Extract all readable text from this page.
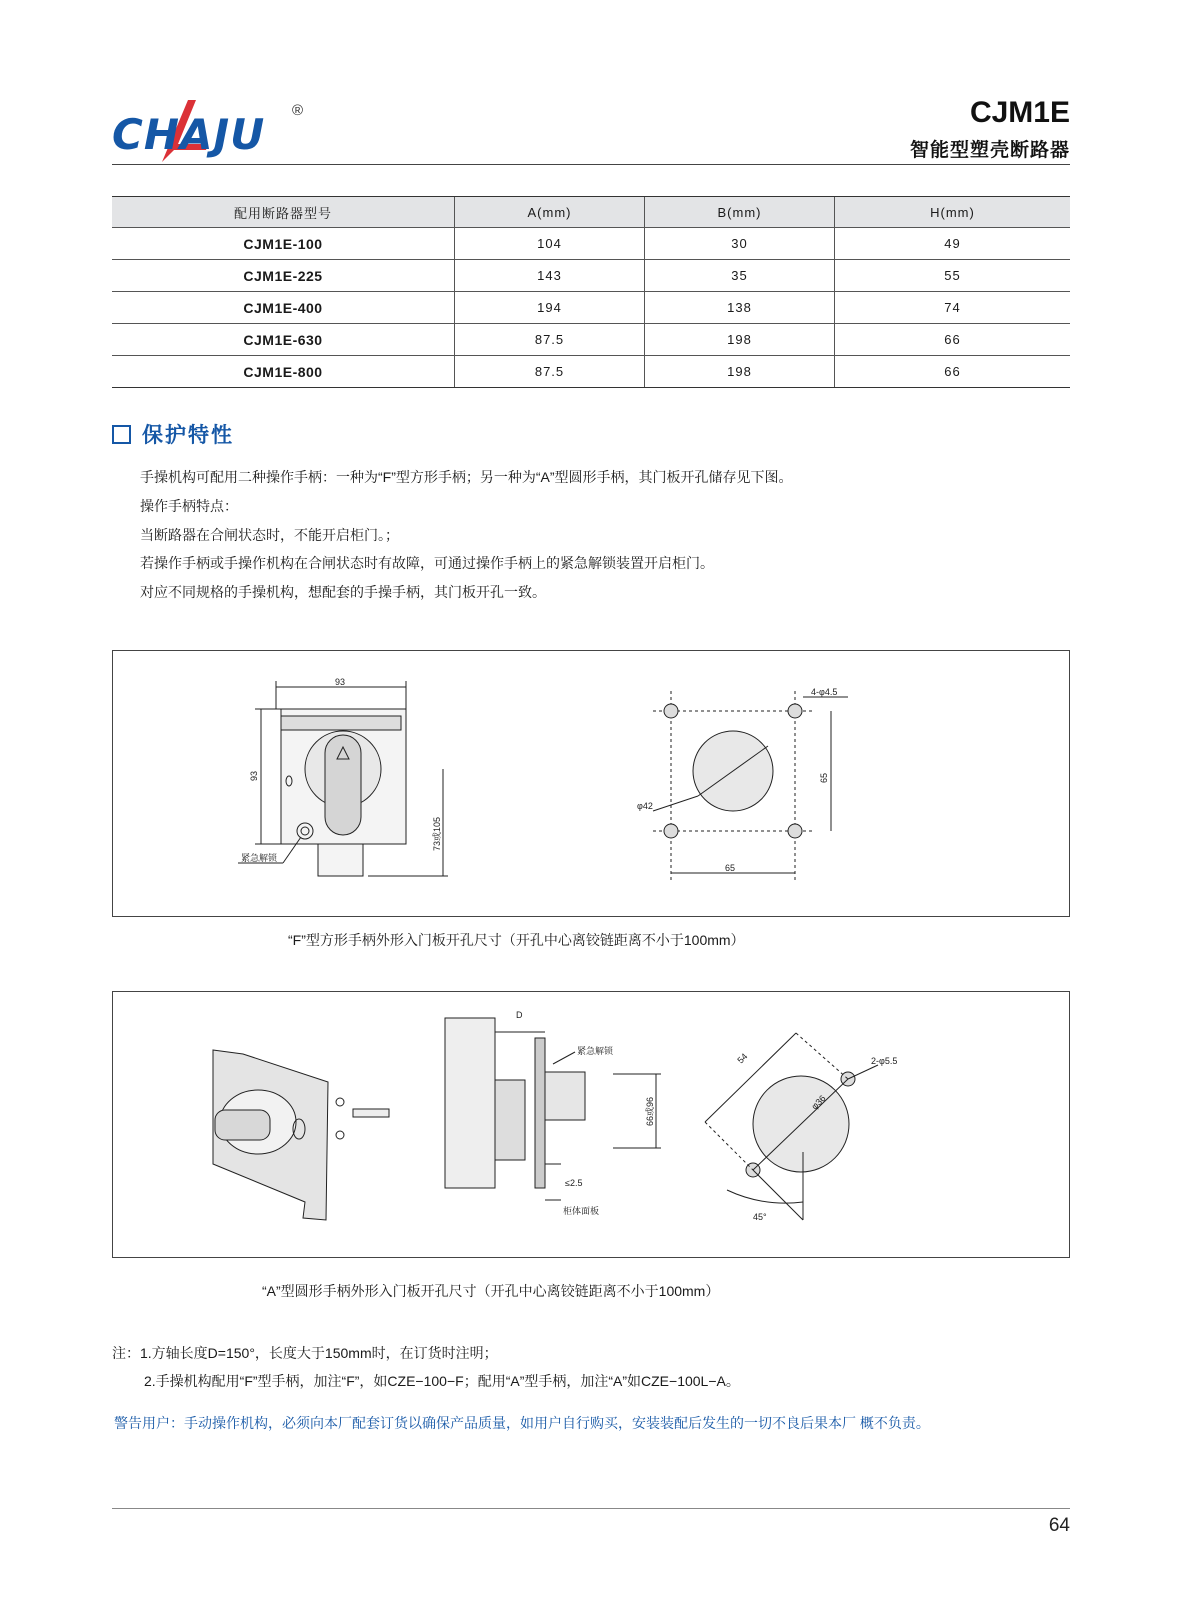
CHAJU ®	CJM1E
智能型塑壳断路器
配用断路器型号	A(mm)	B(mm)	H(mm)
CJM1E-100	104	30	49
CJM1E-225	143	35	55
CJM1E-400	194	138	74
CJM1E-630	87.5	198	66
CJM1E-800	87.5	198	66
保护特性
手操机构可配用二种操作手柄：一种为“F”型方形手柄；另一种为“A”型圆形手柄，其门板开孔储存见下图。
操作手柄特点：
当断路器在合闸状态时，不能开启柜门。；
若操作手柄或手操作机构在合闸状态时有故障，可通过操作手柄上的紧急解锁装置开启柜门。
对应不同规格的手操机构，想配套的手操手柄，其门板开孔一致。
93
93
73或105
紧急解锁
4-φ4.5
65
65
φ42
“F”型方形手柄外形入门板开孔尺寸（开孔中心离铰链距离不小于100mm）
D
紧急解锁
66或96
≤2.5
柜体面板
54	2-φ5.5
φ36
45°
“A”型圆形手柄外形入门板开孔尺寸（开孔中心离铰链距离不小于100mm）
注：1.方轴长度D=150°，长度大于150mm时，在订货时注明；
2.手操机构配用“F”型手柄，加注“F”，如CZE−100−F；配用“A”型手柄，加注“A”如CZE−100L−A。
警告用户：手动操作机构，必须向本厂配套订货以确保产品质量，如用户自行购买，安装装配后发生的一切不良后果本厂 概不负责。
64
